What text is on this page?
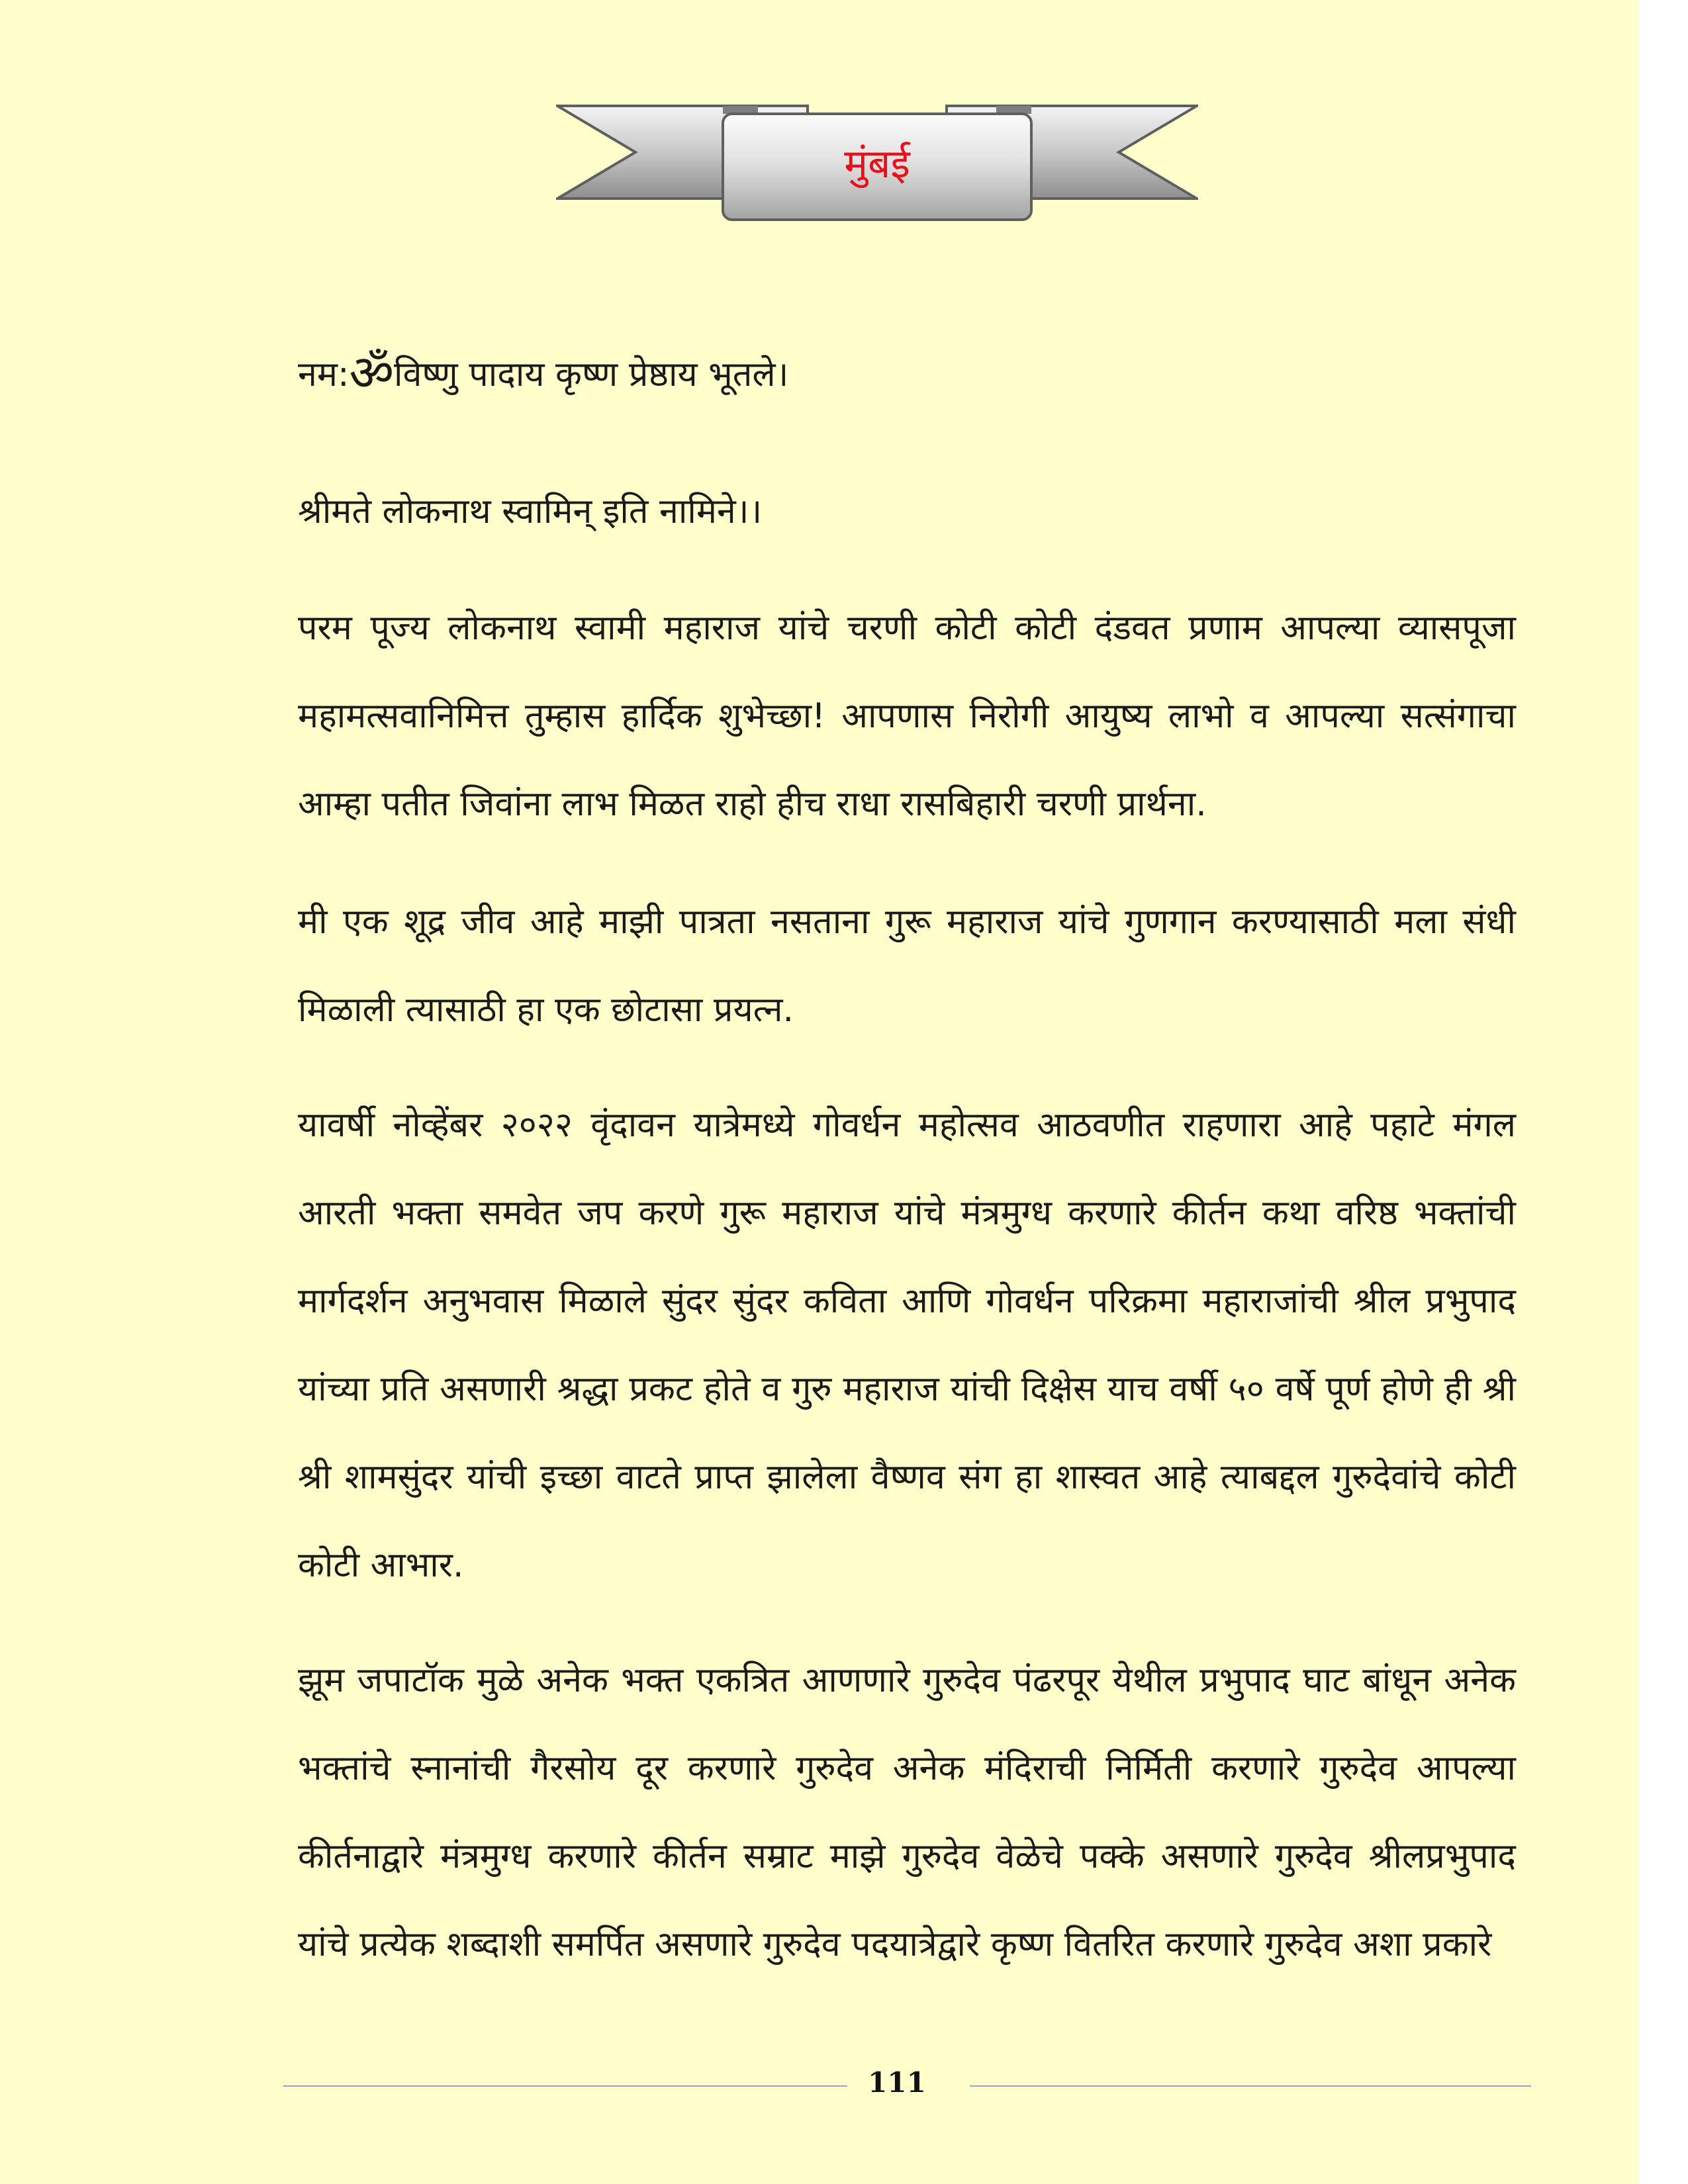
मुंबई
नम:ॐविष्णु पादाय कृष्ण प्रेष्ठाय भूतले।
श्रीमते लोकनाथ स्वामिन् इति नामिने।।
परम पूज्य लोकनाथ स्वामी महाराज यांचे चरणी कोटी कोटी दंडवत प्रणाम आपल्या व्यासपूजा महामत्सवानिमित्त तुम्हास हार्दिक शुभेच्छा! आपणास निरोगी आयुष्य लाभो व आपल्या सत्संगाचा आम्हा पतीत जिवांना लाभ मिळत राहो हीच राधा रासबिहारी चरणी प्रार्थना.
मी एक शूद्र जीव आहे माझी पात्रता नसताना गुरू महाराज यांचे गुणगान करण्यासाठी मला संधी मिळाली त्यासाठी हा एक छोटासा प्रयत्न.
यावर्षी नोव्हेंबर २०२२ वृंदावन यात्रेमध्ये गोवर्धन महोत्सव आठवणीत राहणारा आहे पहाटे मंगल आरती भक्ता समवेत जप करणे गुरू महाराज यांचे मंत्रमुग्ध करणारे कीर्तन कथा वरिष्ठ भक्तांची मार्गदर्शन अनुभवास मिळाले सुंदर सुंदर कविता आणि गोवर्धन परिक्रमा महाराजांची श्रील प्रभुपाद यांच्या प्रति असणारी श्रद्धा प्रकट होते व गुरु महाराज यांची दिक्षेस याच वर्षी ५० वर्षे पूर्ण होणे ही श्री श्री शामसुंदर यांची इच्छा वाटते प्राप्त झालेला वैष्णव संग हा शास्वत आहे त्याबद्दल गुरुदेवांचे कोटी कोटी आभार.
झूम जपाटॉक मुळे अनेक भक्त एकत्रित आणणारे गुरुदेव पंढरपूर येथील प्रभुपाद घाट बांधून अनेक भक्तांचे स्नानांची गैरसोय दूर करणारे गुरुदेव अनेक मंदिराची निर्मिती करणारे गुरुदेव आपल्या कीर्तनाद्वारे मंत्रमुग्ध करणारे कीर्तन सम्राट माझे गुरुदेव वेळेचे पक्के असणारे गुरुदेव श्रीलप्रभुपाद यांचे प्रत्येक शब्दाशी समर्पित असणारे गुरुदेव पदयात्रेद्वारे कृष्ण वितरित करणारे गुरुदेव अशा प्रकारे
111
